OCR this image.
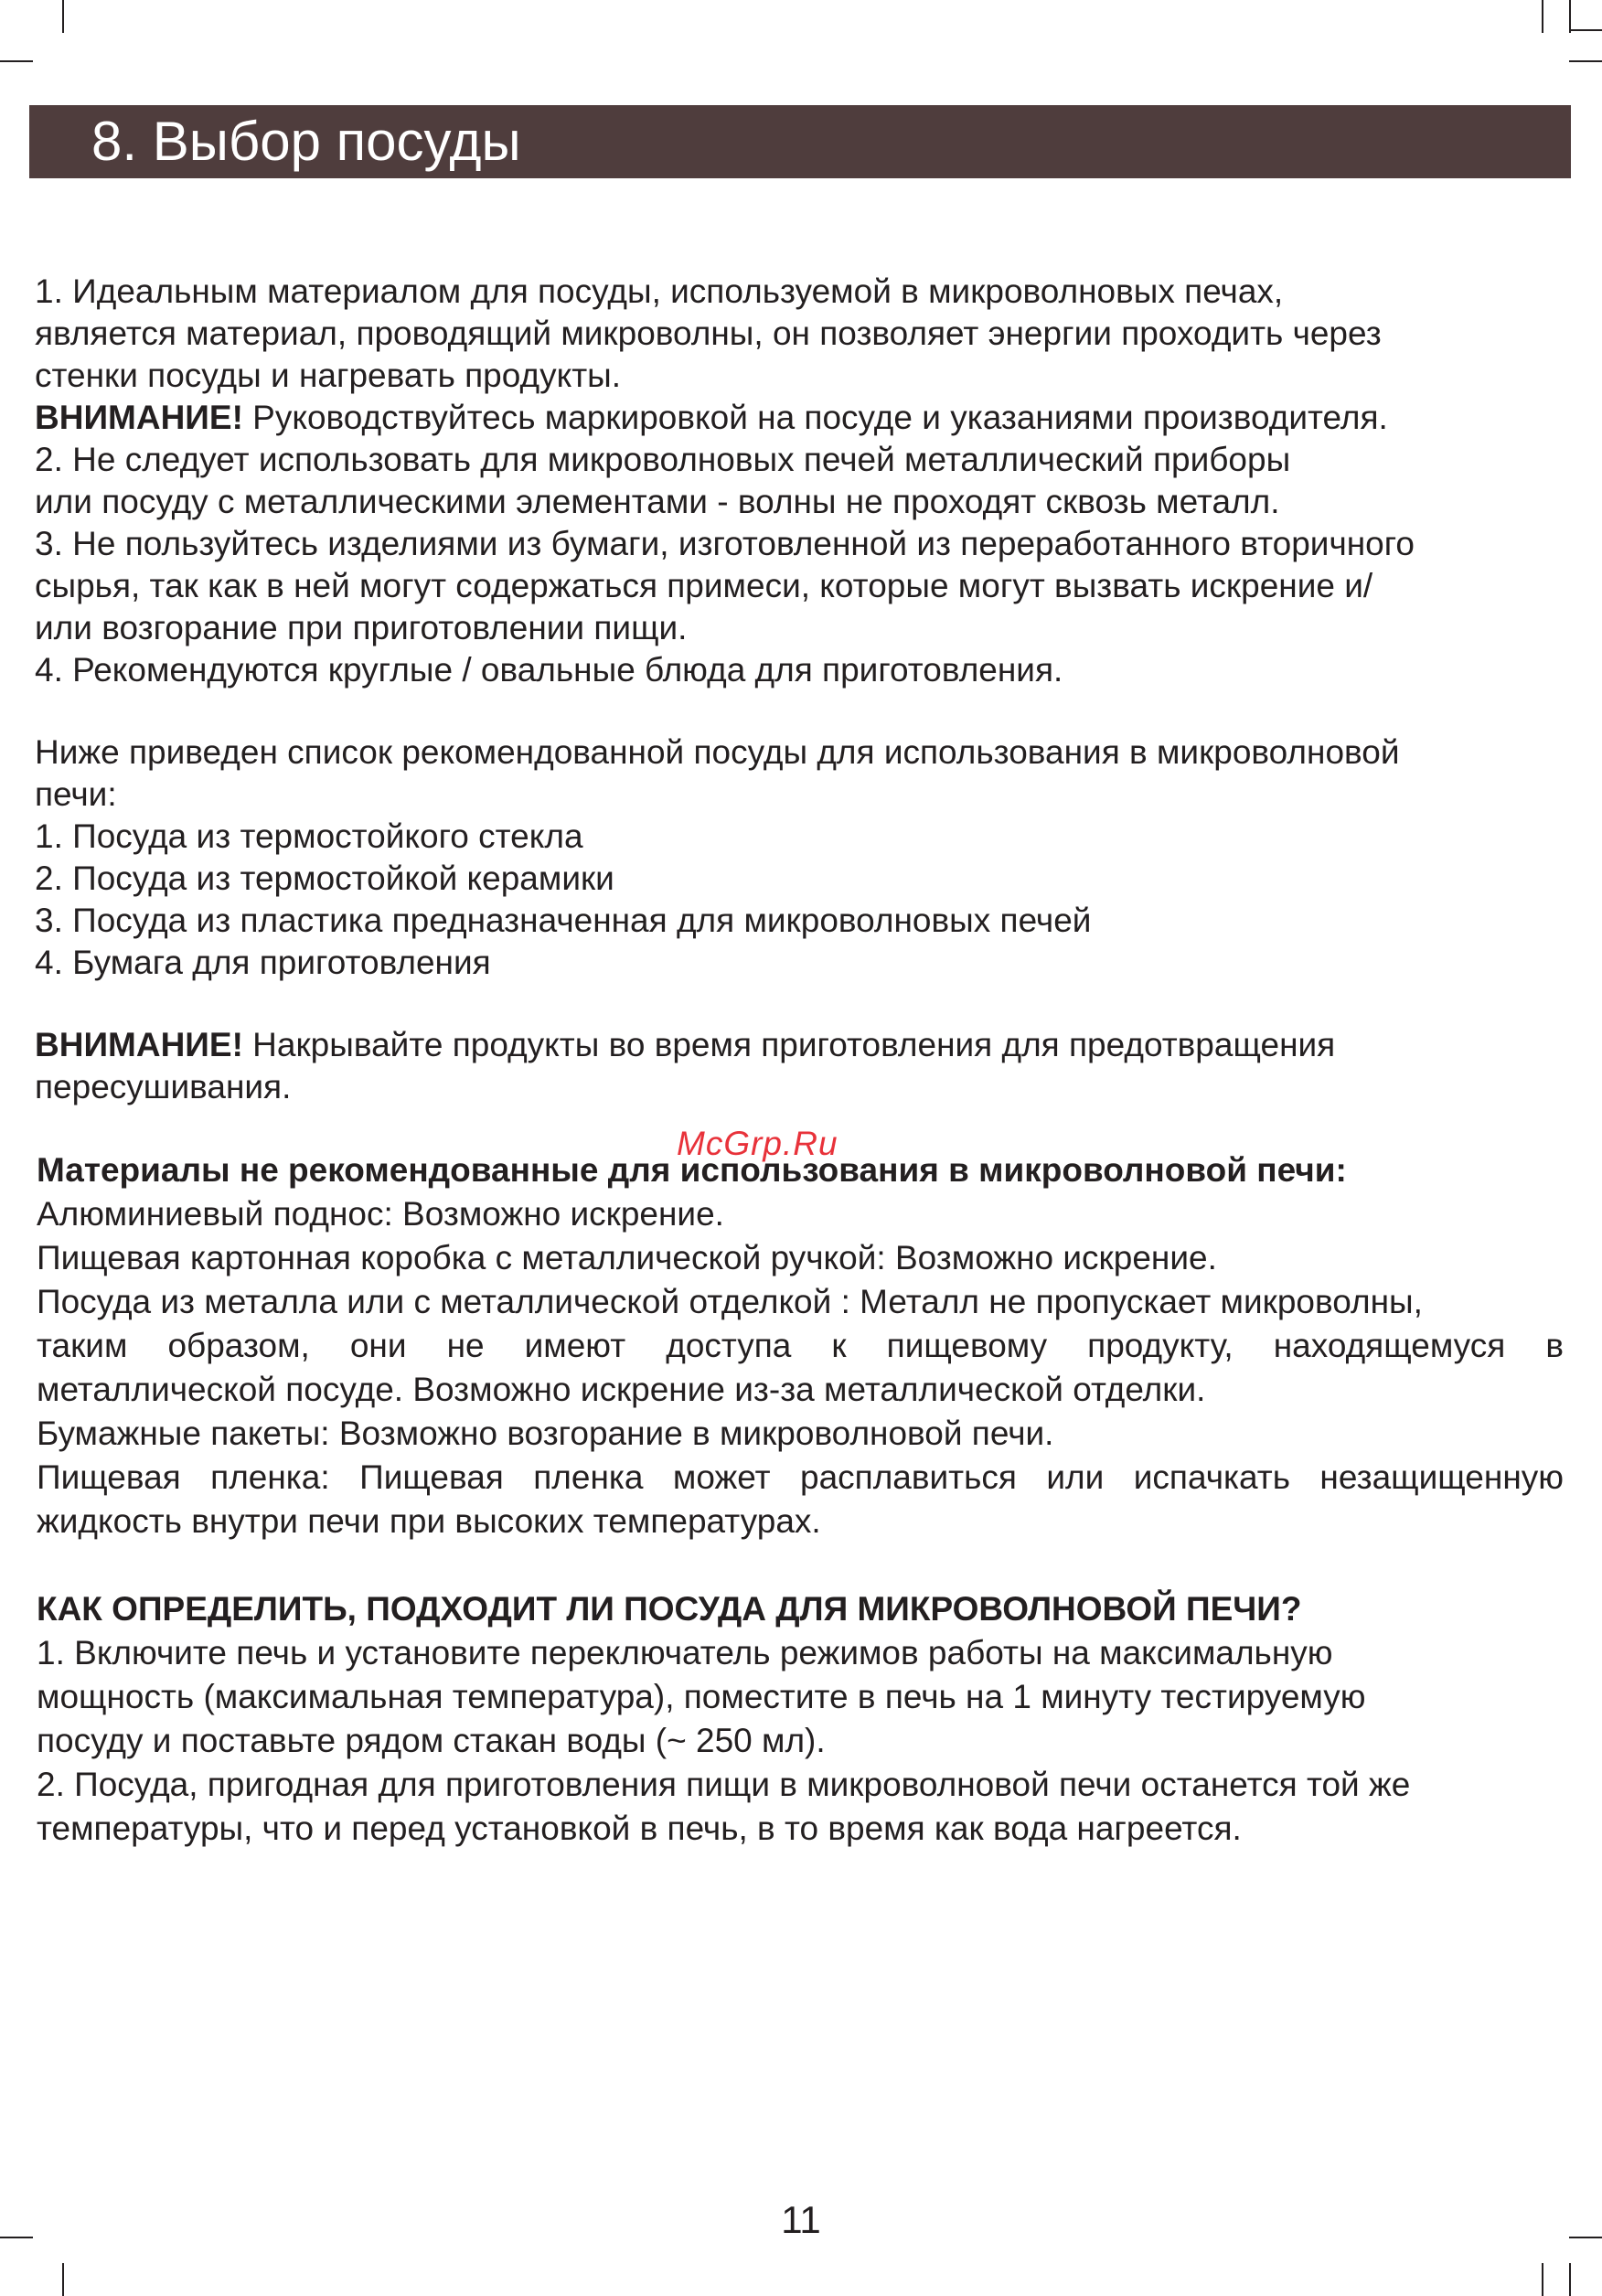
8. Выбор посуды

1. Идеальным материалом для посуды, используемой в микроволновых печах,

является материал, проводящий микроволны, он позволяет энергии проходить через

стенки посуды и нагревать продукты.

ВНИМАНИЕ! Руководствуйтесь маркировкой на посуде и указаниями производителя.

2. Не следует использовать для микроволновых печей металлический приборы

или посуду с металлическими элементами - волны не проходят сквозь металл.

3. Не пользуйтесь изделиями из бумаги, изготовленной из переработанного вторичного

сырья, так как в ней могут содержаться примеси, которые могут вызвать искрение и/

или возгорание при приготовлении пищи.

4. Рекомендуются круглые / овальные блюда для приготовления.

Ниже приведен список рекомендованной посуды для использования в микроволновой

печи:

1. Посуда из термостойкого стекла

2. Посуда из термостойкой керамики

3. Посуда из пластика предназначенная для микроволновых печей

4. Бумага для приготовления

ВНИМАНИЕ! Накрывайте продукты во время приготовления для предотвращения

пересушивания.

McGrp.Ru

Материалы не рекомендованные для использования в микроволновой печи:

Алюминиевый поднос: Возможно искрение.

Пищевая картонная коробка с металлической ручкой: Возможно искрение.

Посуда из металла или с металлической отделкой : Металл не пропускает микроволны,

таким образом, они не имеют доступа к пищевому продукту, находящемуся в

металлической посуде. Возможно искрение из-за металлической отделки.

Бумажные пакеты: Возможно возгорание в микроволновой печи.

Пищевая пленка: Пищевая пленка может расплавиться или испачкать незащищенную

жидкость внутри печи при высоких температурах.

КАК ОПРЕДЕЛИТЬ, ПОДХОДИТ ЛИ ПОСУДА ДЛЯ МИКРОВОЛНОВОЙ ПЕЧИ?

1. Включите печь и установите переключатель режимов работы на максимальную

мощность (максимальная температура), поместите в печь на 1 минуту тестируемую

посуду и поставьте рядом стакан воды (~ 250 мл).

2. Посуда, пригодная для приготовления пищи в микроволновой печи останется той же

температуры, что и перед установкой в печь, в то время как вода нагреется.

11
